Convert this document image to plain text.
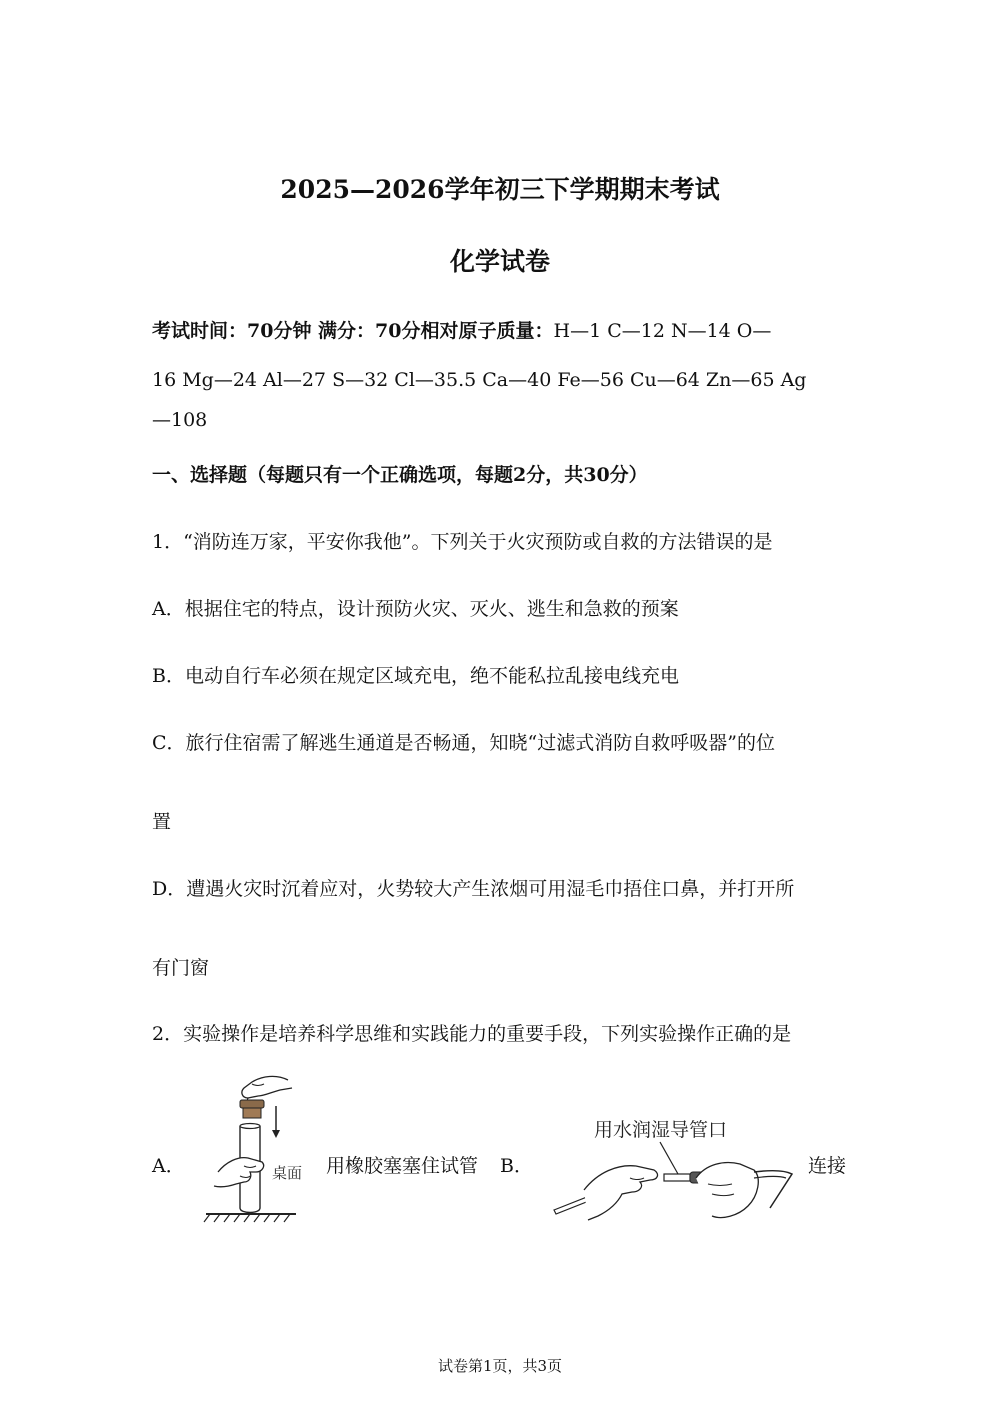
2025—2026学年初三下学期期末考试
化学试卷
考试时间：70分钟 满分：70分相对原子质量：H—1 C—12 N—14 O—
16 Mg—24 Al—27 S—32 Cl—35.5 Ca—40 Fe—56 Cu—64 Zn—65 Ag
—108
一、选择题（每题只有一个正确选项，每题2分，共30分）
1．“消防连万家，平安你我他”。下列关于火灾预防或自救的方法错误的是
A．根据住宅的特点，设计预防火灾、灭火、逃生和急救的预案
B．电动自行车必须在规定区域充电，绝不能私拉乱接电线充电
C．旅行住宿需了解逃生通道是否畅通，知晓“过滤式消防自救呼吸器”的位
置
D．遭遇火灾时沉着应对，火势较大产生浓烟可用湿毛巾捂住口鼻，并打开所
有门窗
2．实验操作是培养科学思维和实践能力的重要手段，下列实验操作正确的是
A．	桌面 用橡胶塞塞住试管 B．
用水润湿导管口
连接
试卷第1页，共3页
